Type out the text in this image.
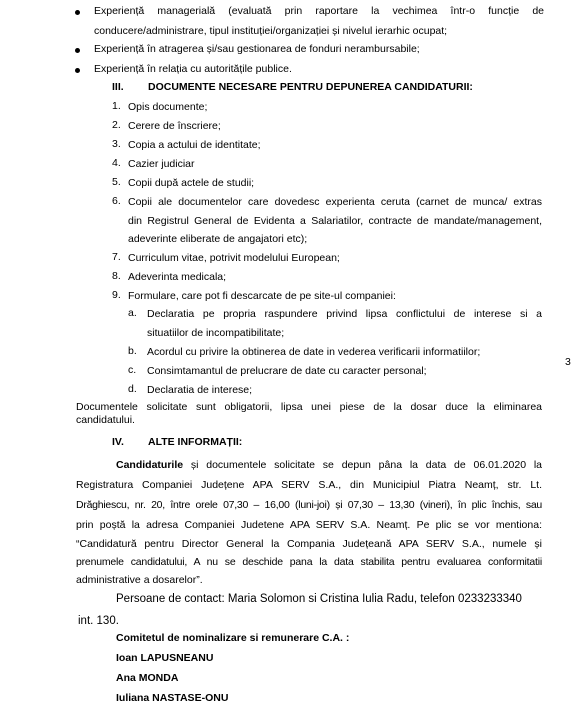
Experiență managerială (evaluată prin raportare la vechimea într-o funcție de
conducere/administrare, tipul instituției/organizației și nivelul ierarhic ocupat;
Experiență în atragerea și/sau gestionarea de fonduri nerambursabile;
Experiență în relația cu autoritățile publice.
III. DOCUMENTE NECESARE PENTRU DEPUNEREA CANDIDATURII:
1. Opis documente;
2. Cerere de înscriere;
3. Copia a actului de identitate;
4. Cazier judiciar
5. Copii după actele de studii;
6. Copii ale documentelor care dovedesc experienta ceruta (carnet de munca/ extras
din Registrul General de Evidenta a Salariatilor, contracte de mandate/management,
adeverinte eliberate de angajatori etc);
7. Curriculum vitae, potrivit modelului European;
8. Adeverinta medicala;
9. Formulare, care pot fi descarcate de pe site-ul companiei:
a. Declaratia pe propria raspundere privind lipsa conflictului de interese si a
situatiilor de incompatibilitate;
b. Acordul cu privire la obtinerea de date in vederea verificarii informatiilor;
c. Consimtamantul de prelucrare de date cu caracter personal;
d. Declaratia de interese;
3
Documentele solicitate sunt obligatorii, lipsa unei piese de la dosar duce la eliminarea
candidatului.
IV. ALTE INFORMAȚII:
Candidaturile și documentele solicitate se depun pâna la data de 06.01.2020 la
Registratura Companiei Județene APA SERV S.A., din Municipiul Piatra Neamț, str. Lt.
Drăghiescu, nr. 20, între orele 07,30 – 16,00 (luni-joi) și 07,30 – 13,30 (vineri), în plic închis, sau
prin poștă la adresa Companiei Judetene APA SERV S.A. Neamț. Pe plic se vor mentiona:
“Candidatură pentru Director General la Compania Județeană APA SERV S.A., numele și
prenumele candidatului, A nu se deschide pana la data stabilita pentru evaluarea conformitatii
administrative a dosarelor”.
Persoane de contact: Maria Solomon si Cristina Iulia Radu, telefon 0233233340
int. 130.
Comitetul de nominalizare si remunerare C.A. :
Ioan LAPUSNEANU
Ana MONDA
Iuliana NASTASE-ONU
